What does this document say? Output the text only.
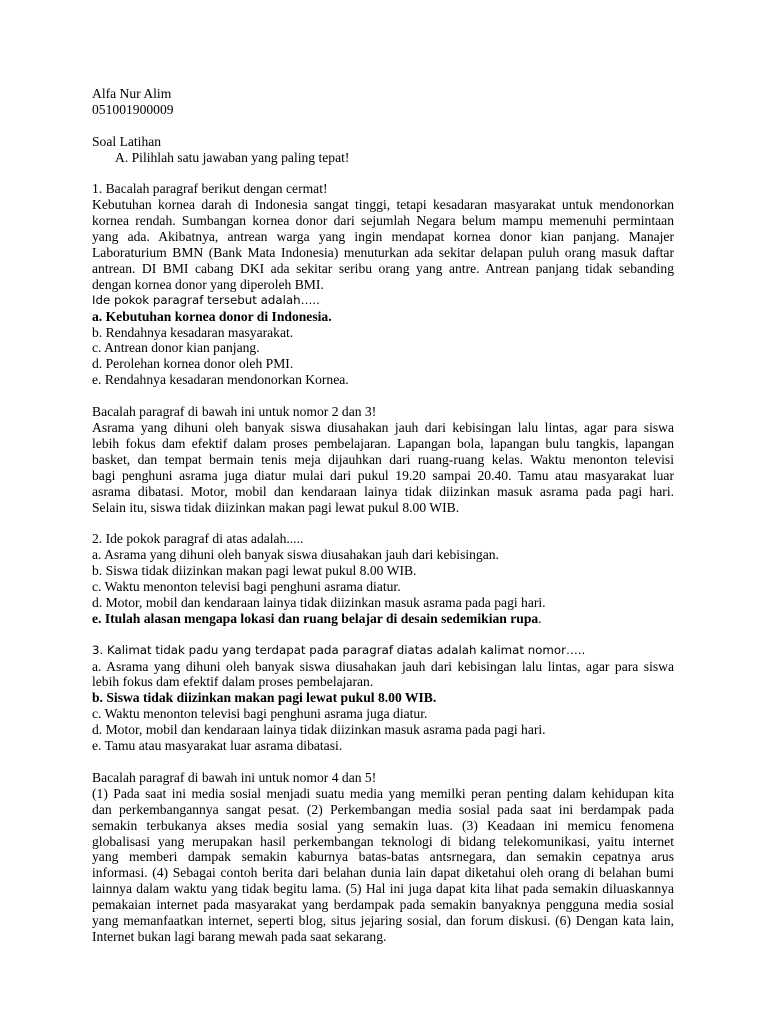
Alfa Nur Alim
051001900009
Soal Latihan
A. Pilihlah satu jawaban yang paling tepat!
1. Bacalah paragraf berikut dengan cermat!
Kebutuhan kornea darah di Indonesia sangat tinggi, tetapi kesadaran masyarakat untuk mendonorkan
kornea rendah. Sumbangan kornea donor dari sejumlah Negara belum mampu memenuhi permintaan
yang ada. Akibatnya, antrean warga yang ingin mendapat kornea donor kian panjang. Manajer
Laboraturium BMN (Bank Mata Indonesia) menuturkan ada sekitar delapan puluh orang masuk daftar
antrean. DI BMI cabang DKI ada sekitar seribu orang yang antre. Antrean panjang tidak sebanding
dengan kornea donor yang diperoleh BMI.
Ide pokok paragraf tersebut adalah…..
a. Kebutuhan kornea donor di Indonesia.
b. Rendahnya kesadaran masyarakat.
c. Antrean donor kian panjang.
d. Perolehan kornea donor oleh PMI.
e. Rendahnya kesadaran mendonorkan Kornea.
Bacalah paragraf di bawah ini untuk nomor 2 dan 3!
Asrama yang dihuni oleh banyak siswa diusahakan jauh dari kebisingan lalu lintas, agar para siswa
lebih fokus dam efektif dalam proses pembelajaran. Lapangan bola, lapangan bulu tangkis, lapangan
basket, dan tempat bermain tenis meja dijauhkan dari ruang-ruang kelas. Waktu menonton televisi
bagi penghuni asrama juga diatur mulai dari pukul 19.20 sampai 20.40. Tamu atau masyarakat luar
asrama dibatasi. Motor, mobil dan kendaraan lainya tidak diizinkan masuk asrama pada pagi hari.
Selain itu, siswa tidak diizinkan makan pagi lewat pukul 8.00 WIB.
2. Ide pokok paragraf di atas adalah.....
a. Asrama yang dihuni oleh banyak siswa diusahakan jauh dari kebisingan.
b. Siswa tidak diizinkan makan pagi lewat pukul 8.00 WIB.
c. Waktu menonton televisi bagi penghuni asrama diatur.
d. Motor, mobil dan kendaraan lainya tidak diizinkan masuk asrama pada pagi hari.
e. Itulah alasan mengapa lokasi dan ruang belajar di desain sedemikian rupa.
3. Kalimat tidak padu yang terdapat pada paragraf diatas adalah kalimat nomor…..
a. Asrama yang dihuni oleh banyak siswa diusahakan jauh dari kebisingan lalu lintas, agar para siswa
lebih fokus dam efektif dalam proses pembelajaran.
b. Siswa tidak diizinkan makan pagi lewat pukul 8.00 WIB.
c. Waktu menonton televisi bagi penghuni asrama juga diatur.
d. Motor, mobil dan kendaraan lainya tidak diizinkan masuk asrama pada pagi hari.
e. Tamu atau masyarakat luar asrama dibatasi.
Bacalah paragraf di bawah ini untuk nomor 4 dan 5!
(1) Pada saat ini media sosial menjadi suatu media yang memilki peran penting dalam kehidupan kita
dan perkembangannya sangat pesat. (2) Perkembangan media sosial pada saat ini berdampak pada
semakin terbukanya akses media sosial yang semakin luas. (3) Keadaan ini memicu fenomena
globalisasi yang merupakan hasil perkembangan teknologi di bidang telekomunikasi, yaitu internet
yang memberi dampak semakin kaburnya batas-batas antsrnegara, dan semakin cepatnya arus
informasi. (4) Sebagai contoh berita dari belahan dunia lain dapat diketahui oleh orang di belahan bumi
lainnya dalam waktu yang tidak begitu lama. (5) Hal ini juga dapat kita lihat pada semakin diluaskannya
pemakaian internet pada masyarakat yang berdampak pada semakin banyaknya pengguna media sosial
yang memanfaatkan internet, seperti blog, situs jejaring sosial, dan forum diskusi. (6) Dengan kata lain,
Internet bukan lagi barang mewah pada saat sekarang.
